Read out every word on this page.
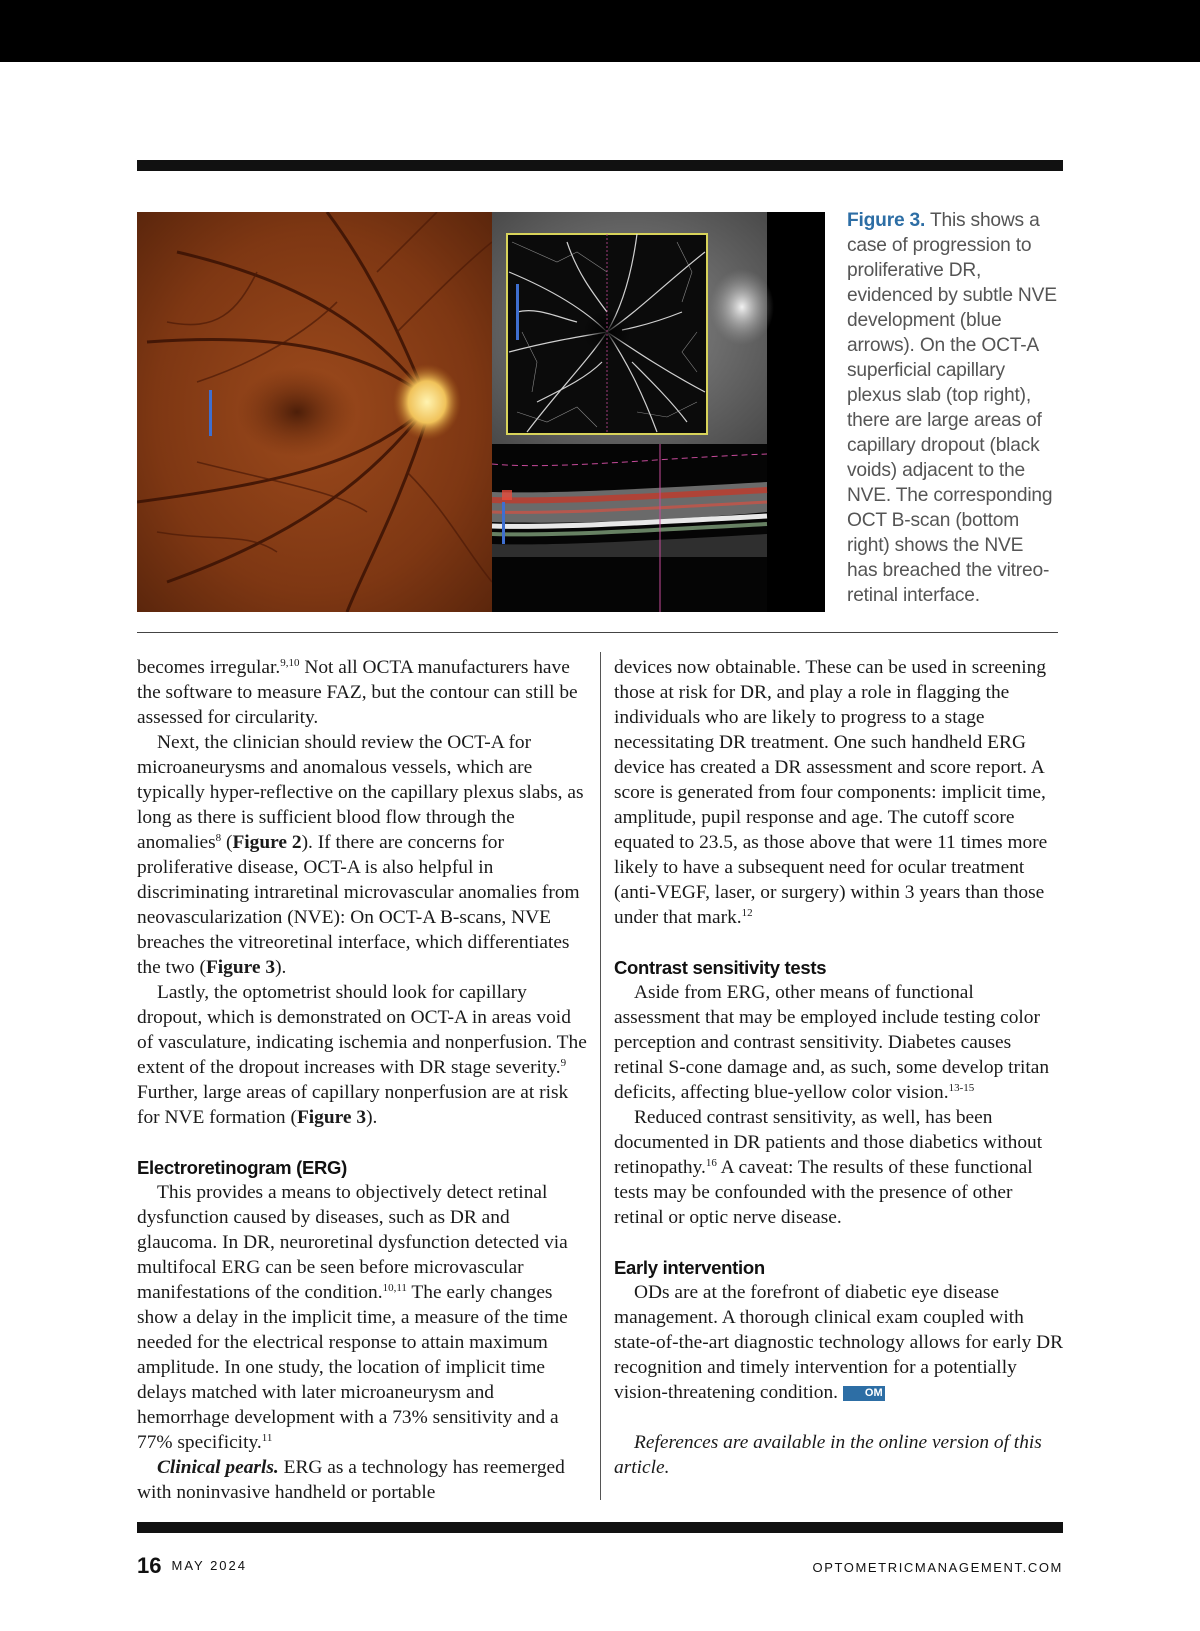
Figure 3. This shows a case of progression to proliferative DR, evidenced by subtle NVE development (blue arrows). On the OCT-A superficial capillary plexus slab (top right), there are large areas of capillary dropout (black voids) adjacent to the NVE. The corresponding OCT B-scan (bottom right) shows the NVE has breached the vitreoretinal interface.

becomes irregular.$^{9,10}$ Not all OCTA manufacturers have the software to measure FAZ, but the contour can still be assessed for circularity.

Next, the clinician should review the OCT-A for microaneurysms and anomalous vessels, which are typically hyper-reflective on the capillary plexus slabs, as long as there is sufficient blood flow through the anomalies$^8$ (Figure 2). If there are concerns for proliferative disease, OCT-A is also helpful in discriminating intraretinal microvascular anomalies from neovascularization (NVE): On OCT-A B-scans, NVE breaches the vitreoretinal interface, which differentiates the two (Figure 3).

Lastly, the optometrist should look for capillary dropout, which is demonstrated on OCT-A in areas void of vasculature, indicating ischemia and nonperfusion. The extent of the dropout increases with DR stage severity.$^9$ Further, large areas of capillary nonperfusion are at risk for NVE formation (Figure 3).

Electroretinogram (ERG)

This provides a means to objectively detect retinal dysfunction caused by diseases, such as DR and glaucoma. In DR, neuroretinal dysfunction detected via multifocal ERG can be seen before microvascular manifestations of the condition.$^{10,11}$ The early changes show a delay in the implicit time, a measure of the time needed for the electrical response to attain maximum amplitude. In one study, the location of implicit time delays matched with later microaneurysm and hemorrhage development with a 73% sensitivity and a 77% specificity.$^{11}$

Clinical pearls. ERG as a technology has reemerged with noninvasive handheld or portable

devices now obtainable. These can be used in screening those at risk for DR, and play a role in flagging the individuals who are likely to progress to a stage necessitating DR treatment. One such handheld ERG device has created a DR assessment and score report. A score is generated from four components: implicit time, amplitude, pupil response and age. The cutoff score equated to 23.5, as those above that were 11 times more likely to have a subsequent need for ocular treatment (anti-VEGF, laser, or surgery) within 3 years than those under that mark.$^{12}$

Contrast sensitivity tests

Aside from ERG, other means of functional assessment that may be employed include testing color perception and contrast sensitivity. Diabetes causes retinal S-cone damage and, as such, some develop tritan deficits, affecting blue-yellow color vision.$^{13-15}$

Reduced contrast sensitivity, as well, has been documented in DR patients and those diabetics without retinopathy.$^{16}$ A caveat: The results of these functional tests may be confounded with the presence of other retinal or optic nerve disease.

Early intervention

ODs are at the forefront of diabetic eye disease management. A thorough clinical exam coupled with state-of-the-art diagnostic technology allows for early DR recognition and timely intervention for a potentially vision-threatening condition. OM

References are available in the online version of this article.

16 MAY 2024	OPTOMETRICMANAGEMENT.COM
